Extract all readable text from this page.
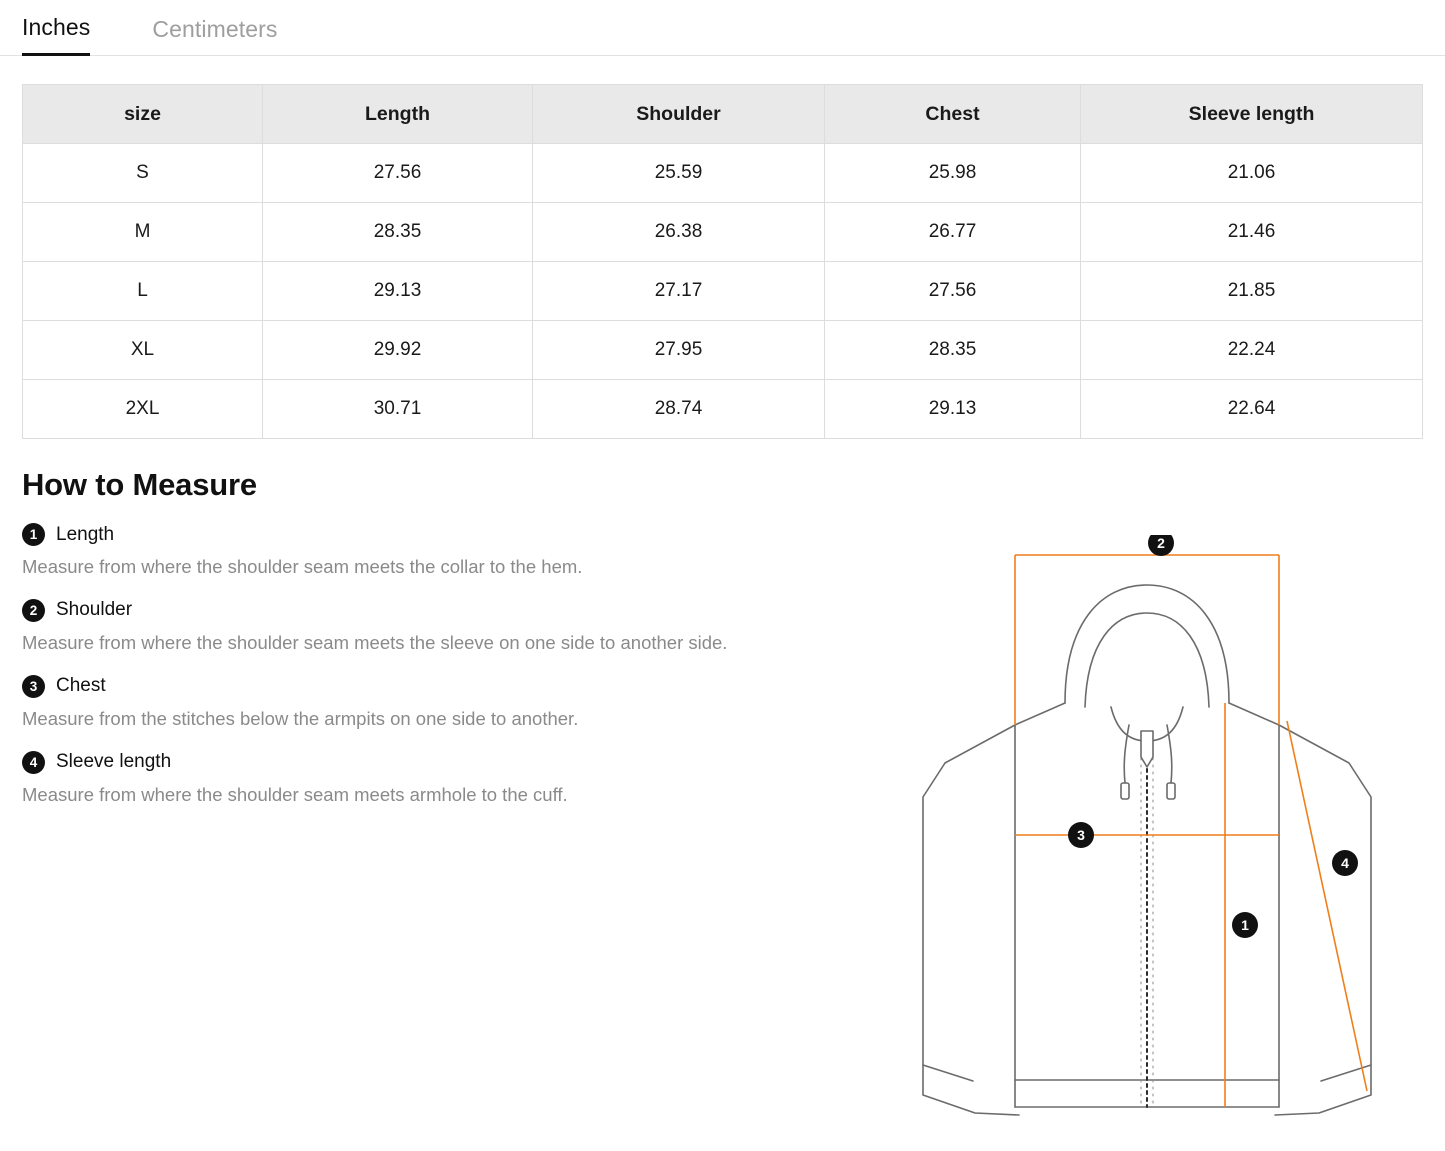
Inches	Centimeters
size	Length	Shoulder	Chest	Sleeve length
S	27.56	25.59	25.98	21.06
M	28.35	26.38	26.77	21.46
L	29.13	27.17	27.56	21.85
XL	29.92	27.95	28.35	22.24
2XL	30.71	28.74	29.13	22.64
How to Measure
1 Length

Measure from where the shoulder seam meets the collar to the hem.

2 Shoulder

Measure from where the shoulder seam meets the sleeve on one side to another side.

3 Chest

Measure from the stitches below the armpits on one side to another.

4 Sleeve length

Measure from where the shoulder seam meets armhole to the cuff.

2
3
4
1
